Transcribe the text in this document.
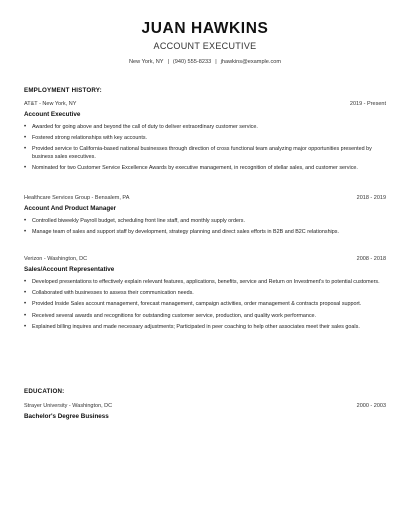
JUAN HAWKINS
ACCOUNT EXECUTIVE
New York, NY | (940) 555-8233 | jhawkins@example.com
EMPLOYMENT HISTORY:
AT&T - New York, NY	2019 - Present
Account Executive
• Awarded for going above and beyond the call of duty to deliver extraordinary customer service.
• Fostered strong relationships with key accounts.
• Provided service to California-based national businesses through direction of cross functional team analyzing major opportunities presented by business sales executives.
• Nominated for two Customer Service Excellence Awards by executive management, in recognition of stellar sales, and customer service.
Healthcare Services Group - Bensalem, PA	2018 - 2019
Account And Product Manager
• Controlled biweekly Payroll budget, scheduling front line staff, and monthly supply orders.
• Manage team of sales and support staff by development, strategy planning and direct sales efforts in B2B and B2C relationships.
Verizon - Washington, DC	2008 - 2018
Sales/Account Representative
• Developed presentations to effectively explain relevant features, applications, benefits, service and Return on Investment's to potential customers.
• Collaborated with businesses to assess their communication needs.
• Provided Inside Sales account management, forecast management, campaign activities, order management & contracts proposal support.
• Received several awards and recognitions for outstanding customer service, production, and quality work performance.
• Explained billing inquires and made necessary adjustments; Participated in peer coaching to help other associates meet their sales goals.
EDUCATION:
Strayer University - Washington, DC	2000 - 2003
Bachelor's Degree Business
